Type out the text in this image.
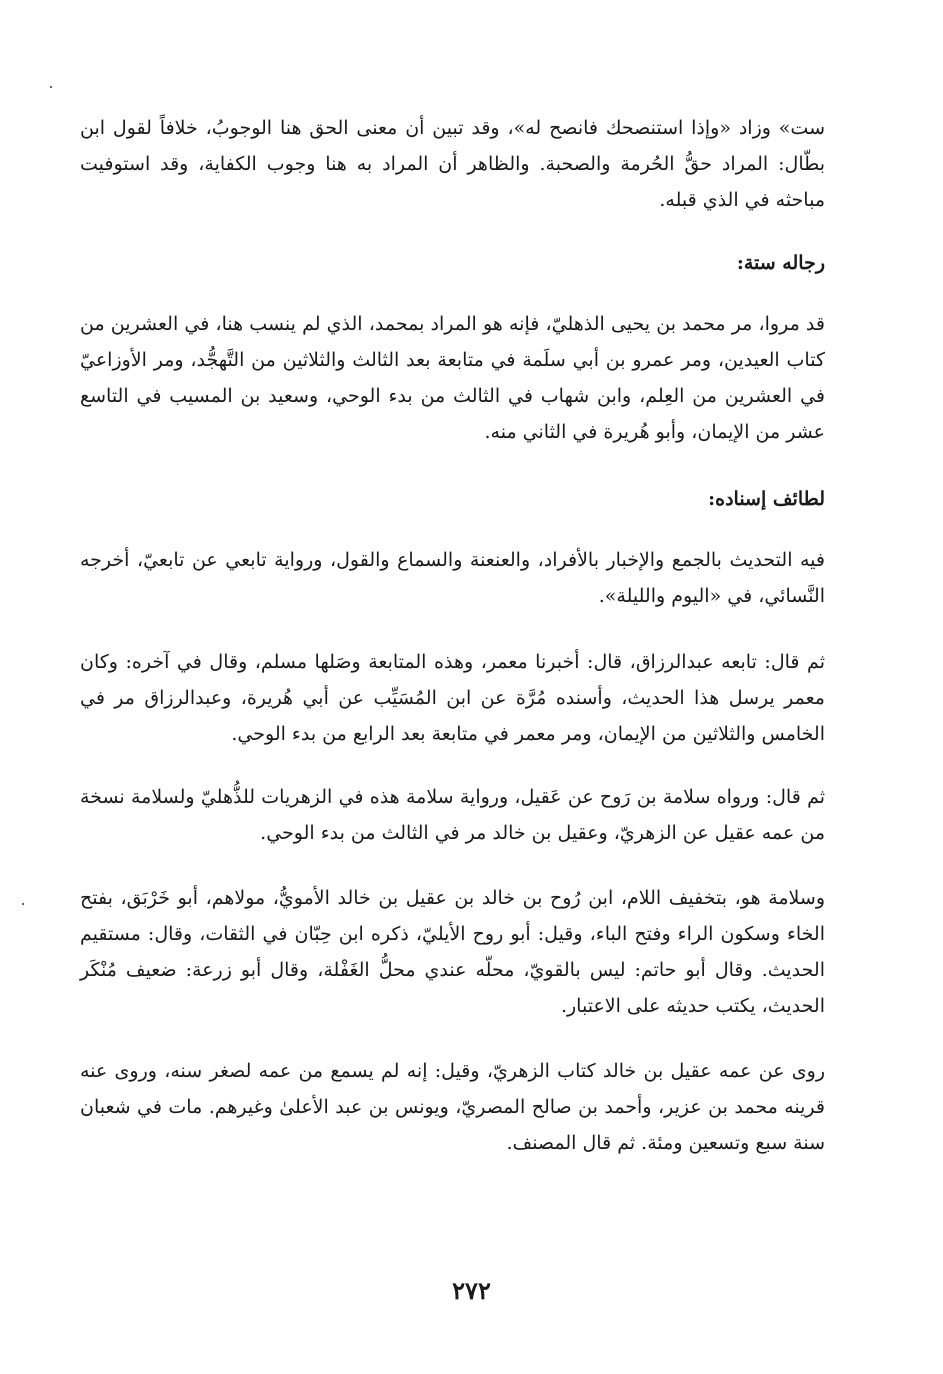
ست» وزاد «وإذا استنصحك فانصح له»، وقد تبين أن معنى الحق هنا الوجوبُ، خلافاً لقول ابن بطّال: المراد حقُّ الحُرمة والصحبة. والظاهر أن المراد به هنا وجوب الكفاية، وقد استوفيت مباحثه في الذي قبله.

رجاله ستة:

قد مروا، مر محمد بن يحيى الذهليّ، فإنه هو المراد بمحمد، الذي لم ينسب هنا، في العشرين من كتاب العيدين، ومر عمرو بن أبي سلَمة في متابعة بعد الثالث والثلاثين من التَّهجُّد، ومر الأوزاعيّ في العشرين من العِلم، وابن شهاب في الثالث من بدء الوحي، وسعيد بن المسيب في التاسع عشر من الإيمان، وأبو هُريرة في الثاني منه.

لطائف إسناده:

فيه التحديث بالجمع والإخبار بالأفراد، والعنعنة والسماع والقول، ورواية تابعي عن تابعيّ، أخرجه النَّسائي، في «اليوم والليلة».

ثم قال: تابعه عبدالرزاق، قال: أخبرنا معمر، وهذه المتابعة وصَلها مسلم، وقال في آخره: وكان معمر يرسل هذا الحديث، وأسنده مُرَّة عن ابن المُسَيِّب عن أبي هُريرة، وعبدالرزاق مر في الخامس والثلاثين من الإيمان، ومر معمر في متابعة بعد الرابع من بدء الوحي.

ثم قال: ورواه سلامة بن رَوح عن عَقيل، ورواية سلامة هذه في الزهريات للذُّهليّ ولسلامة نسخة من عمه عقيل عن الزهريّ، وعقيل بن خالد مر في الثالث من بدء الوحي.

وسلامة هو، بتخفيف اللام، ابن رُوح بن خالد بن عقيل بن خالد الأمويُّ، مولاهم، أبو خَرْبَق، بفتح الخاء وسكون الراء وفتح الباء، وقيل: أبو روح الأيليّ، ذكره ابن حِبّان في الثقات، وقال: مستقيم الحديث. وقال أبو حاتم: ليس بالقويّ، محلّه عندي محلُّ الغَفْلة، وقال أبو زرعة: ضعيف مُنْكَر الحديث، يكتب حديثه على الاعتبار.

روى عن عمه عقيل بن خالد كتاب الزهريّ، وقيل: إنه لم يسمع من عمه لصغر سنه، وروى عنه قرينه محمد بن عزير، وأحمد بن صالح المصريّ، ويونس بن عبد الأعلىٰ وغيرهم. مات في شعبان سنة سبع وتسعين ومئة. ثم قال المصنف.

٢٧٢
